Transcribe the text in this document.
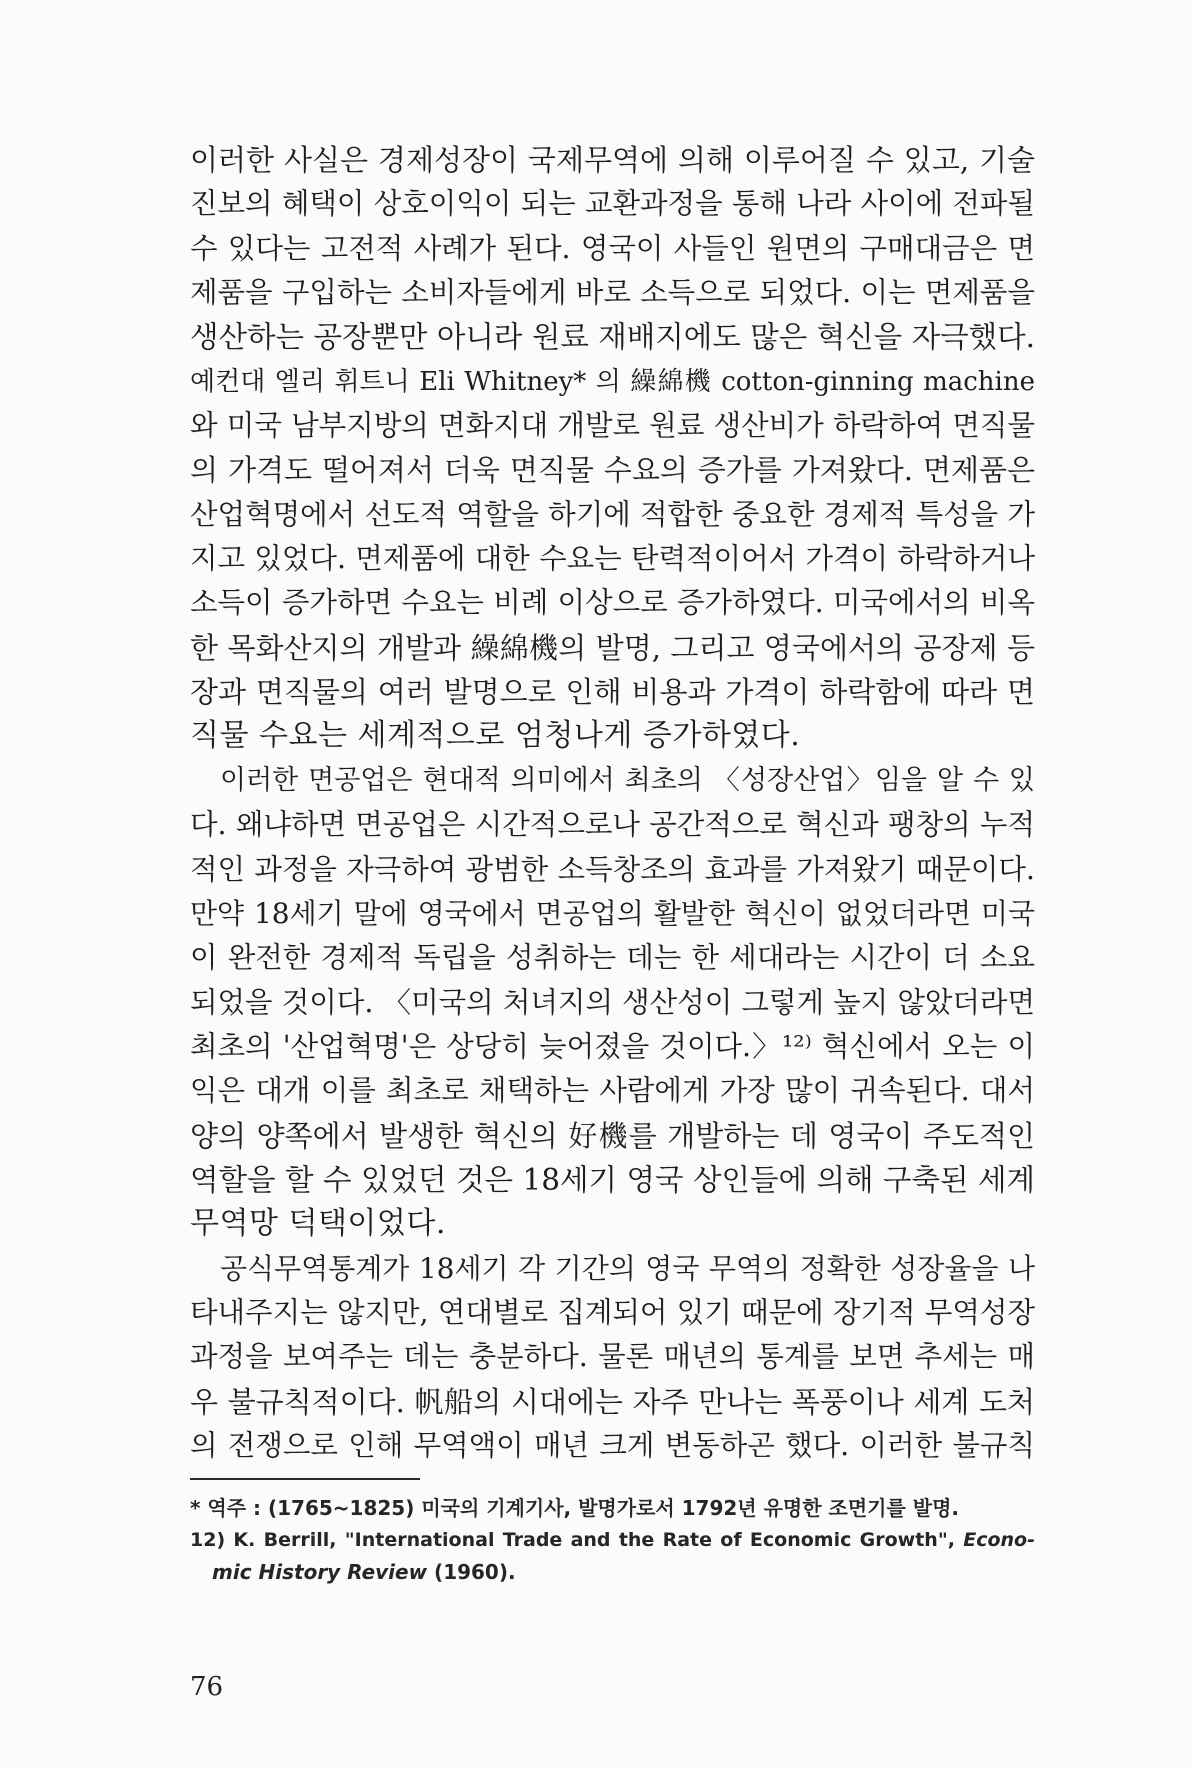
이러한 사실은 경제성장이 국제무역에 의해 이루어질 수 있고, 기술
진보의 혜택이 상호이익이 되는 교환과정을 통해 나라 사이에 전파될
수 있다는 고전적 사례가 된다. 영국이 사들인 원면의 구매대금은 면
제품을 구입하는 소비자들에게 바로 소득으로 되었다. 이는 면제품을
생산하는 공장뿐만 아니라 원료 재배지에도 많은 혁신을 자극했다.
예컨대 엘리 휘트니 Eli Whitney* 의 繰綿機 cotton-ginning machine
와 미국 남부지방의 면화지대 개발로 원료 생산비가 하락하여 면직물
의 가격도 떨어져서 더욱 면직물 수요의 증가를 가져왔다. 면제품은
산업혁명에서 선도적 역할을 하기에 적합한 중요한 경제적 특성을 가
지고 있었다. 면제품에 대한 수요는 탄력적이어서 가격이 하락하거나
소득이 증가하면 수요는 비례 이상으로 증가하였다. 미국에서의 비옥
한 목화산지의 개발과 繰綿機의 발명, 그리고 영국에서의 공장제 등
장과 면직물의 여러 발명으로 인해 비용과 가격이 하락함에 따라 면
직물 수요는 세계적으로 엄청나게 증가하였다.
이러한 면공업은 현대적 의미에서 최초의 〈성장산업〉임을 알 수 있
다. 왜냐하면 면공업은 시간적으로나 공간적으로 혁신과 팽창의 누적
적인 과정을 자극하여 광범한 소득창조의 효과를 가져왔기 때문이다.
만약 18세기 말에 영국에서 면공업의 활발한 혁신이 없었더라면 미국
이 완전한 경제적 독립을 성취하는 데는 한 세대라는 시간이 더 소요
되었을 것이다. 〈미국의 처녀지의 생산성이 그렇게 높지 않았더라면
최초의 '산업혁명'은 상당히 늦어졌을 것이다.〉¹²⁾ 혁신에서 오는 이
익은 대개 이를 최초로 채택하는 사람에게 가장 많이 귀속된다. 대서
양의 양쪽에서 발생한 혁신의 好機를 개발하는 데 영국이 주도적인
역할을 할 수 있었던 것은 18세기 영국 상인들에 의해 구축된 세계
무역망 덕택이었다.
공식무역통계가 18세기 각 기간의 영국 무역의 정확한 성장율을 나
타내주지는 않지만, 연대별로 집계되어 있기 때문에 장기적 무역성장
과정을 보여주는 데는 충분하다. 물론 매년의 통계를 보면 추세는 매
우 불규칙적이다. 帆船의 시대에는 자주 만나는 폭풍이나 세계 도처
의 전쟁으로 인해 무역액이 매년 크게 변동하곤 했다. 이러한 불규칙
* 역주 : (1765~1825) 미국의 기계기사, 발명가로서 1792년 유명한 조면기를 발명.
12) K. Berrill, "International Trade and the Rate of Economic Growth", Econo-
mic History Review (1960).
76
